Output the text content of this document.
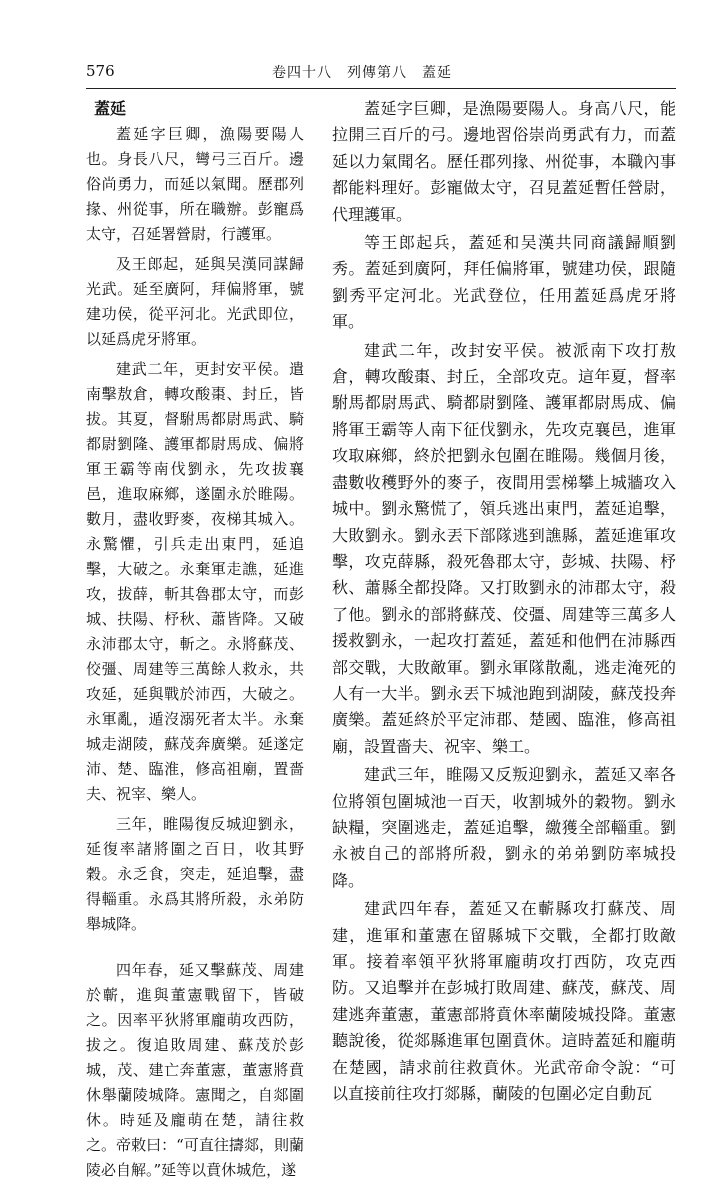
576	卷四十八　列傳第八　蓋延
蓋延

蓋延字巨卿，漁陽要陽人也。身長八尺，彎弓三百斤。邊俗尚勇力，而延以氣聞。歷郡列掾、州從事，所在職辦。彭寵爲太守，召延署營尉，行護軍。

及王郎起，延與吴漢同謀歸光武。延至廣阿，拜偏將軍，號建功侯，從平河北。光武即位，以延爲虎牙將軍。

建武二年，更封安平侯。遣南擊敖倉，轉攻酸棗、封丘，皆拔。其夏，督駙馬都尉馬武、騎都尉劉隆、護軍都尉馬成、偏將軍王霸等南伐劉永，先攻拔襄邑，進取麻鄉，遂圍永於睢陽。數月，盡收野麥，夜梯其城入。永驚懼，引兵走出東門，延追擊，大破之。永棄軍走譙，延進攻，拔薛，斬其魯郡太守，而彭城、扶陽、杼秋、蕭皆降。又破永沛郡太守，斬之。永將蘇茂、佼彊、周建等三萬餘人救永，共攻延，延與戰於沛西，大破之。永軍亂，遁沒溺死者太半。永棄城走湖陵，蘇茂奔廣樂。延遂定沛、楚、臨淮，修高祖廟，置嗇夫、祝宰、樂人。

三年，睢陽復反城迎劉永，延復率諸將圍之百日，收其野穀。永乏食，突走，延追擊，盡得輜重。永爲其將所殺，永弟防舉城降。

四年春，延又擊蘇茂、周建於蘄，進與董憲戰留下，皆破之。因率平狄將軍龐萌攻西防，拔之。復追敗周建、蘇茂於彭城，茂、建亡奔董憲，董憲將賁休舉蘭陵城降。憲聞之，自郯圍休。時延及龐萌在楚，請往救之。帝敕曰：“可直往擣郯，則蘭陵必自解。”延等以賁休城危，遂

蓋延字巨卿，是漁陽要陽人。身高八尺，能拉開三百斤的弓。邊地習俗崇尚勇武有力，而蓋延以力氣聞名。歷任郡列掾、州從事，本職內事都能料理好。彭寵做太守，召見蓋延暫任營尉，代理護軍。

等王郎起兵，蓋延和吴漢共同商議歸順劉秀。蓋延到廣阿，拜任偏將軍，號建功侯，跟隨劉秀平定河北。光武登位，任用蓋延爲虎牙將軍。

建武二年，改封安平侯。被派南下攻打敖倉，轉攻酸棗、封丘，全部攻克。這年夏，督率駙馬都尉馬武、騎都尉劉隆、護軍都尉馬成、偏將軍王霸等人南下征伐劉永，先攻克襄邑，進軍攻取麻鄉，終於把劉永包圍在睢陽。幾個月後，盡數收穫野外的麥子，夜間用雲梯攀上城牆攻入城中。劉永驚慌了，領兵逃出東門，蓋延追擊，大敗劉永。劉永丟下部隊逃到譙縣，蓋延進軍攻擊，攻克薛縣，殺死魯郡太守，彭城、扶陽、杼秋、蕭縣全都投降。又打敗劉永的沛郡太守，殺了他。劉永的部將蘇茂、佼彊、周建等三萬多人援救劉永，一起攻打蓋延，蓋延和他們在沛縣西部交戰，大敗敵軍。劉永軍隊散亂，逃走淹死的人有一大半。劉永丟下城池跑到湖陵，蘇茂投奔廣樂。蓋延終於平定沛郡、楚國、臨淮，修高祖廟，設置嗇夫、祝宰、樂工。

建武三年，睢陽又反叛迎劉永，蓋延又率各位將領包圍城池一百天，收割城外的穀物。劉永缺糧，突圍逃走，蓋延追擊，繳獲全部輜重。劉永被自己的部將所殺，劉永的弟弟劉防率城投降。

建武四年春，蓋延又在蘄縣攻打蘇茂、周建，進軍和董憲在留縣城下交戰，全都打敗敵軍。接着率領平狄將軍龐萌攻打西防，攻克西防。又追擊并在彭城打敗周建、蘇茂，蘇茂、周建逃奔董憲，董憲部將賁休率蘭陵城投降。董憲聽說後，從郯縣進軍包圍賁休。這時蓋延和龐萌在楚國，請求前往救賁休。光武帝命令說：“可以直接前往攻打郯縣，蘭陵的包圍必定自動瓦
